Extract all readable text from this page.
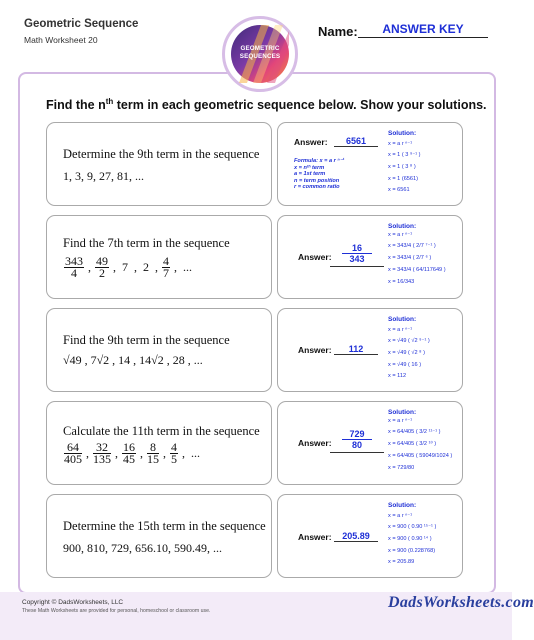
Geometric Sequence
Math Worksheet 20
Name:	ANSWER KEY
GEOMETRIC
SEQUENCES
Find the $n^{th}$ term in each geometric sequence below. Show your solutions.
Determine the 9th term in the sequence
1, 3, 9, 27, 81, ...
Answer:	6561
Formula: x = a r ⁿ⁻¹
x = nᵗʰ term
a = 1st term
n = term position
r = common ratio
Solution:
x = a r ⁿ⁻¹
x = 1 ( 3 ⁹⁻¹ )
x = 1 ( 3 ⁸ )
x = 1 (6561)
x = 6561
Find the 7th term in the sequence
$\frac{343}{4}$ , $\frac{49}{2}$ , 7 , 2 , $\frac{4}{7}$ , ...
Answer: $\frac{16}{343}$
Solution:
x = a r ⁿ⁻¹
x = 343/4 ( 2/7 ⁷⁻¹ )
x = 343/4 ( 2/7 ⁶ )
x = 343/4 ( 64/117649 )
x = 16/343
Find the 9th term in the sequence
√49 , 7√2 , 14 , 14√2 , 28 , ...
Answer:	112
Solution:
x = a r ⁿ⁻¹
x = √49 ( √2 ⁹⁻¹ )
x = √49 ( √2 ⁸ )
x = √49 ( 16 )
x = 112
Calculate the 11th term in the sequence
$\frac{64}{405}$ , $\frac{32}{135}$ , $\frac{16}{45}$ , $\frac{8}{15}$ , $\frac{4}{5}$ , ...
Answer: $\frac{729}{80}$
Solution:
x = a r ⁿ⁻¹
x = 64/405 ( 3/2 ¹¹⁻¹ )
x = 64/405 ( 3/2 ¹⁰ )
x = 64/405 ( 59049/1024 )
x = 729/80
Determine the 15th term in the sequence
900, 810, 729, 656.10, 590.49, ...
Answer:	205.89
Solution:
x = a r ⁿ⁻¹
x = 900 ( 0.90 ¹⁵⁻¹ )
x = 900 ( 0.90 ¹⁴ )
x = 900 (0.228768)
x = 205.89
Copyright © DadsWorksheets, LLC
These Math Worksheets are provided for personal, homeschool or classroom use.	DadsWorksheets.com
